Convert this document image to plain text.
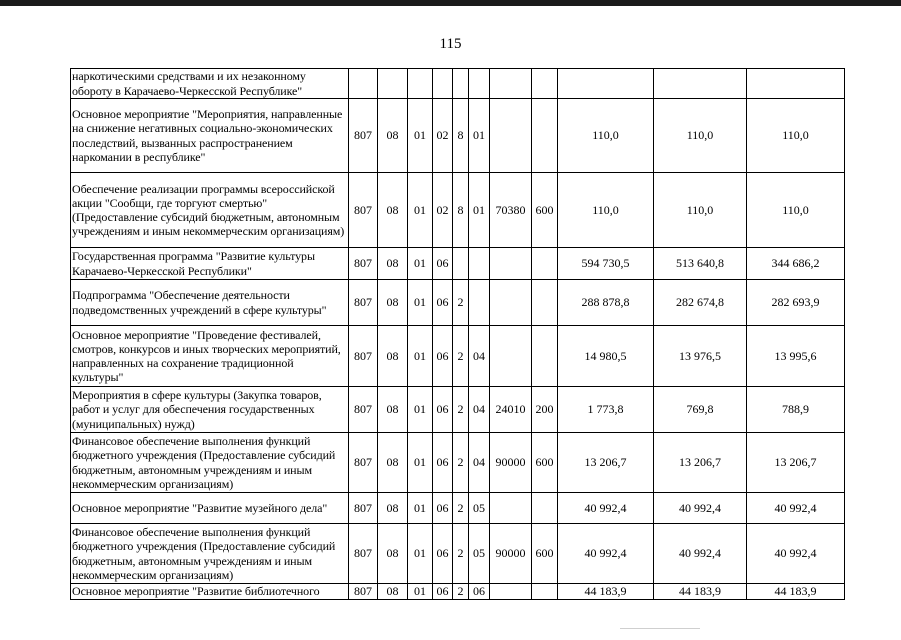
115
наркотическими средствами и их незаконному обороту в Карачаево-Черкесской Республике"											
Основное мероприятие "Мероприятия, направленные на снижение негативных социально-экономических последствий, вызванных распространением наркомании в республике"	807	08	01	02	8	01			110,0	110,0	110,0
Обеспечение реализации программы всероссийской акции "Сообщи, где торгуют смертью" (Предоставление субсидий бюджетным, автономным учреждениям и иным некоммерческим организациям)	807	08	01	02	8	01	70380	600	110,0	110,0	110,0
Государственная программа "Развитие культуры Карачаево-Черкесской Республики"	807	08	01	06					594 730,5	513 640,8	344 686,2
Подпрограмма "Обеспечение деятельности подведомственных учреждений в сфере культуры"	807	08	01	06	2				288 878,8	282 674,8	282 693,9
Основное мероприятие "Проведение фестивалей, смотров, конкурсов и иных творческих мероприятий, направленных на сохранение традиционной культуры"	807	08	01	06	2	04			14 980,5	13 976,5	13 995,6
Мероприятия в сфере культуры (Закупка товаров, работ и услуг для обеспечения государственных (муниципальных) нужд)	807	08	01	06	2	04	24010	200	1 773,8	769,8	788,9
Финансовое обеспечение выполнения функций бюджетного учреждения (Предоставление субсидий бюджетным, автономным учреждениям и иным некоммерческим организациям)	807	08	01	06	2	04	90000	600	13 206,7	13 206,7	13 206,7
Основное мероприятие "Развитие музейного дела"	807	08	01	06	2	05			40 992,4	40 992,4	40 992,4
Финансовое обеспечение выполнения функций бюджетного учреждения (Предоставление субсидий бюджетным, автономным учреждениям и иным некоммерческим организациям)	807	08	01	06	2	05	90000	600	40 992,4	40 992,4	40 992,4
Основное мероприятие "Развитие библиотечного	807	08	01	06	2	06			44 183,9	44 183,9	44 183,9
